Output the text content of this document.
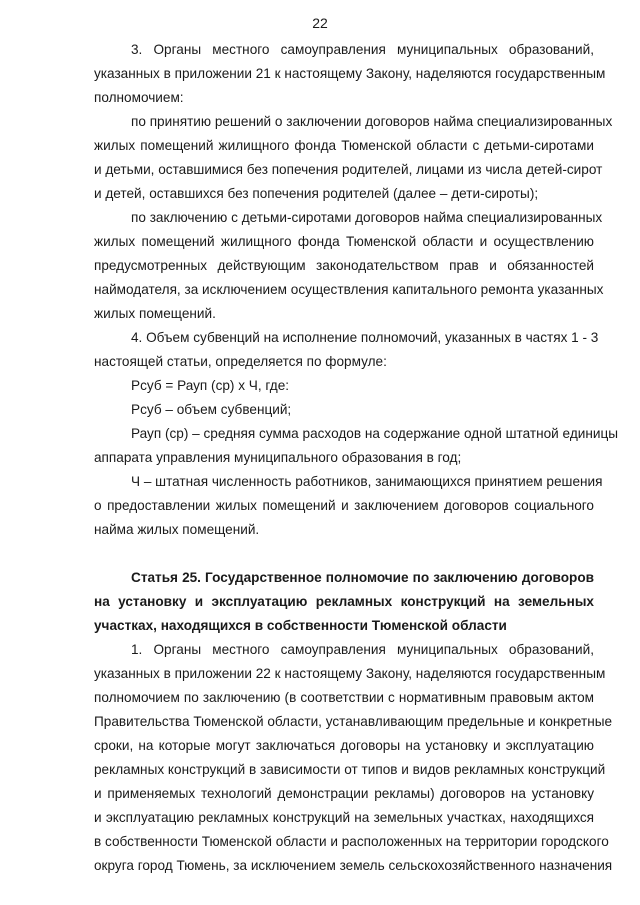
22
3. Органы местного самоуправления муниципальных образований,
указанных в приложении 21 к настоящему Закону, наделяются государственным
полномочием:
по принятию решений о заключении договоров найма специализированных
жилых помещений жилищного фонда Тюменской области с детьми-сиротами
и детьми, оставшимися без попечения родителей, лицами из числа детей-сирот
и детей, оставшихся без попечения родителей (далее – дети-сироты);
по заключению с детьми-сиротами договоров найма специализированных
жилых помещений жилищного фонда Тюменской области и осуществлению
предусмотренных действующим законодательством прав и обязанностей
наймодателя, за исключением осуществления капитального ремонта указанных
жилых помещений.
4. Объем субвенций на исполнение полномочий, указанных в частях 1 - 3
настоящей статьи, определяется по формуле:
Рсуб = Рауп (ср) х Ч, где:
Рсуб – объем субвенций;
Рауп (ср) – средняя сумма расходов на содержание одной штатной единицы
аппарата управления муниципального образования в год;
Ч – штатная численность работников, занимающихся принятием решения
о предоставлении жилых помещений и заключением договоров социального
найма жилых помещений.
Статья 25. Государственное полномочие по заключению договоров
на установку и эксплуатацию рекламных конструкций на земельных
участках, находящихся в собственности Тюменской области
1. Органы местного самоуправления муниципальных образований,
указанных в приложении 22 к настоящему Закону, наделяются государственным
полномочием по заключению (в соответствии с нормативным правовым актом
Правительства Тюменской области, устанавливающим предельные и конкретные
сроки, на которые могут заключаться договоры на установку и эксплуатацию
рекламных конструкций в зависимости от типов и видов рекламных конструкций
и применяемых технологий демонстрации рекламы) договоров на установку
и эксплуатацию рекламных конструкций на земельных участках, находящихся
в собственности Тюменской области и расположенных на территории городского
округа город Тюмень, за исключением земель сельскохозяйственного назначения
